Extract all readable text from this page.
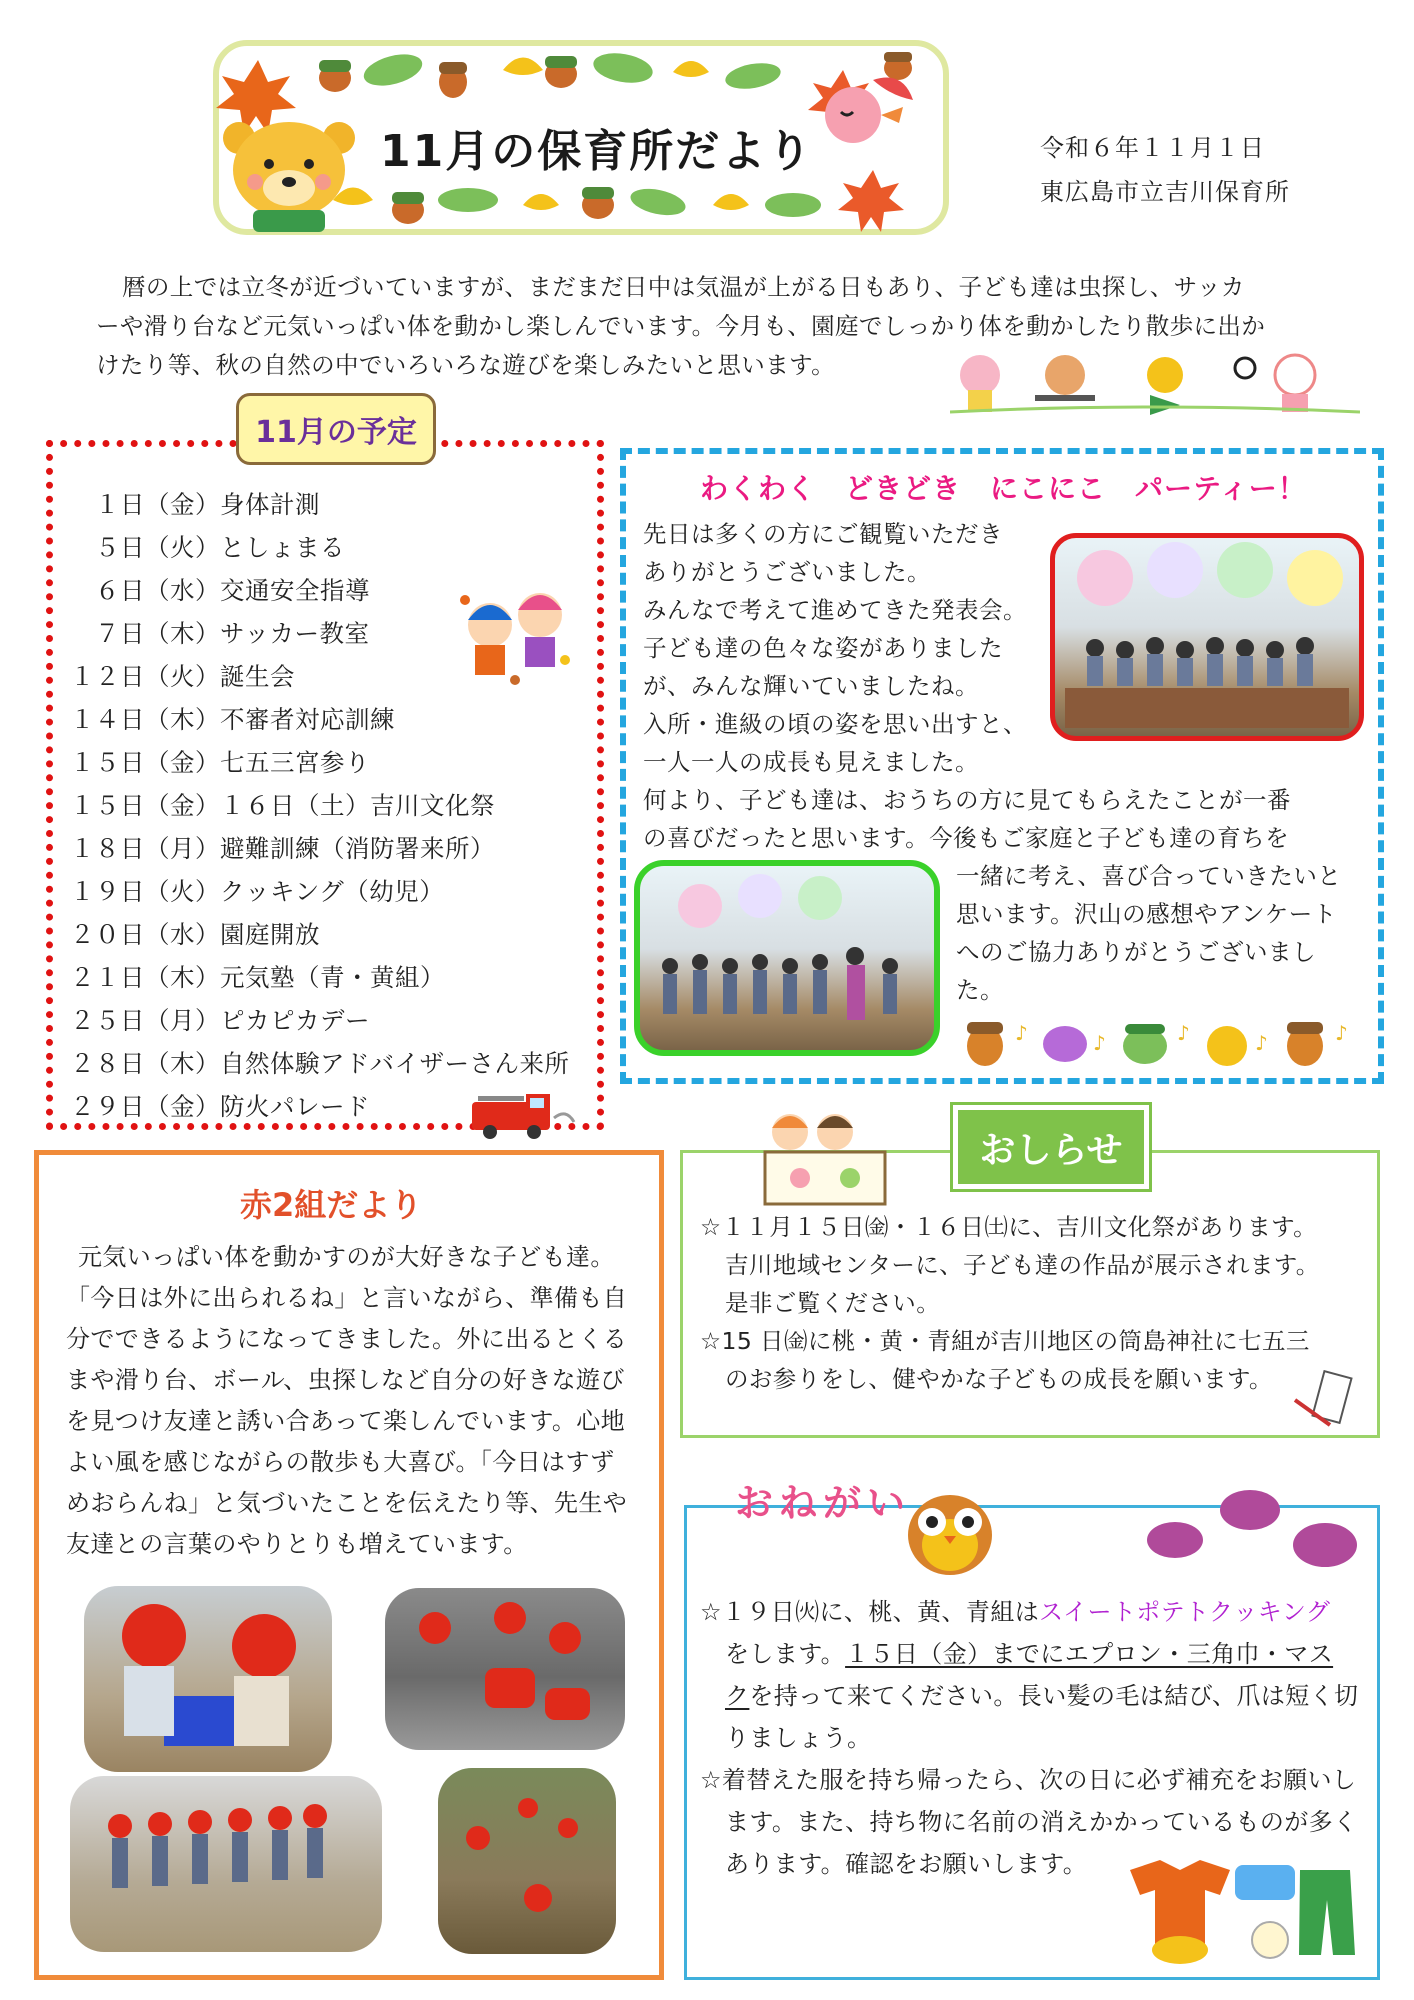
11月の保育所だより	令和６年１１月１日
東広島市立吉川保育所
暦の上では立冬が近づいていますが、まだまだ日中は気温が上がる日もあり、子ども達は虫探し、サッカ
ーや滑り台など元気いっぱい体を動かし楽しんでいます。今月も、園庭でしっかり体を動かしたり散歩に出か
けたり等、秋の自然の中でいろいろな遊びを楽しみたいと思います。
11月の予定
　１日（金）身体計測
　５日（火）としょまる
　６日（水）交通安全指導
　７日（木）サッカー教室
１２日（火）誕生会
１４日（木）不審者対応訓練
１５日（金）七五三宮参り
１５日（金）１６日（土）吉川文化祭
１８日（月）避難訓練（消防署来所）
１９日（火）クッキング（幼児）
２０日（水）園庭開放
２１日（木）元気塾（青・黄組）
２５日（月）ピカピカデー
２８日（木）自然体験アドバイザーさん来所
２９日（金）防火パレード
わくわく　どきどき　にこにこ　パーティー！
先日は多くの方にご観覧いただき
ありがとうございました。
みんなで考えて進めてきた発表会。
子ども達の色々な姿がありました
が、みんな輝いていましたね。
入所・進級の頃の姿を思い出すと、
一人一人の成長も見えました。
何より、子ども達は、おうちの方に見てもらえたことが一番
の喜びだったと思います。今後もご家庭と子ども達の育ちを
一緒に考え、喜び合っていきたいと
思います。沢山の感想やアンケート
へのご協力ありがとうございまし
た。
♪	♪	♪	♪	♪
赤2組だより
元気いっぱい体を動かすのが大好きな子ども達。
「今日は外に出られるね」と言いながら、準備も自
分でできるようになってきました。外に出るとくる
まや滑り台、ボール、虫探しなど自分の好きな遊び
を見つけ友達と誘い合あって楽しんでいます。心地
よい風を感じながらの散歩も大喜び。「今日はすず
めおらんね」と気づいたことを伝えたり等、先生や
友達との言葉のやりとりも増えています。
おしらせ
☆１１月１５日㈮・１６日㈯に、吉川文化祭があります。
吉川地域センターに、子ども達の作品が展示されます。
是非ご覧ください。
☆15 日㈮に桃・黄・青組が吉川地区の筒島神社に七五三
のお参りをし、健やかな子どもの成長を願います。
おねがい
☆１９日㈫に、桃、黄、青組はスイートポテトクッキング
をします。１５日（金）までにエプロン・三角巾・マス
クを持って来てください。長い髪の毛は結び、爪は短く切
りましょう。
☆着替えた服を持ち帰ったら、次の日に必ず補充をお願いし
ます。また、持ち物に名前の消えかかっているものが多く
あります。確認をお願いします。
